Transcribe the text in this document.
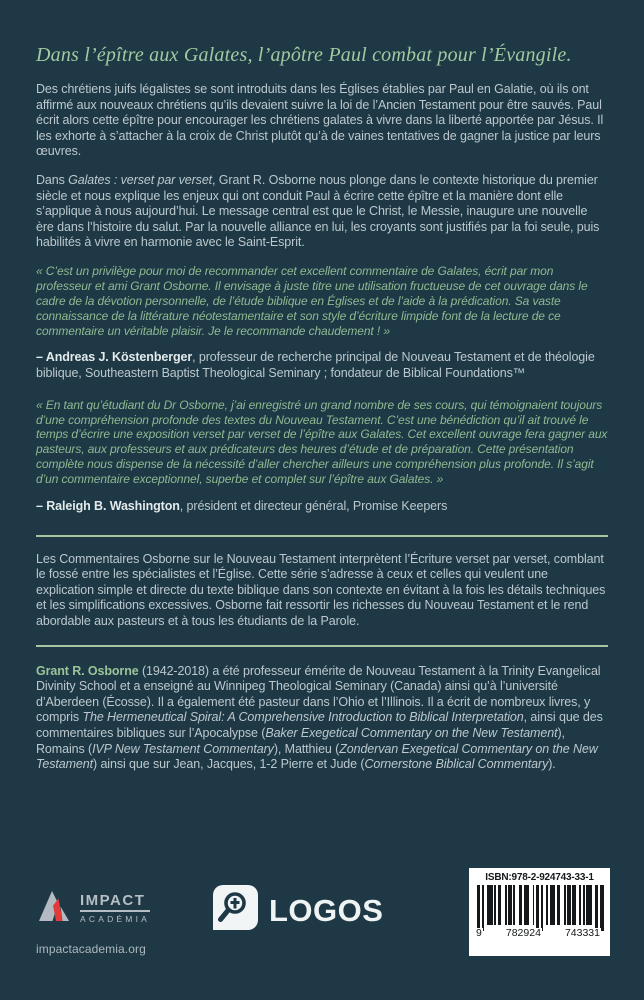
Dans l’épître aux Galates, l’apôtre Paul combat pour l’Évangile.

Des chrétiens juifs légalistes se sont introduits dans les Églises établies par Paul en Galatie, où ils ont affirmé aux nouveaux chrétiens qu’ils devaient suivre la loi de l’Ancien Testament pour être sauvés. Paul écrit alors cette épître pour encourager les chrétiens galates à vivre dans la liberté apportée par Jésus. Il les exhorte à s’attacher à la croix de Christ plutôt qu’à de vaines tentatives de gagner la justice par leurs œuvres.

Dans Galates : verset par verset, Grant R. Osborne nous plonge dans le contexte historique du premier siècle et nous explique les enjeux qui ont conduit Paul à écrire cette épître et la manière dont elle s’applique à nous aujourd’hui. Le message central est que le Christ, le Messie, inaugure une nouvelle ère dans l’histoire du salut. Par la nouvelle alliance en lui, les croyants sont justifiés par la foi seule, puis habilités à vivre en harmonie avec le Saint-Esprit.

« C’est un privilège pour moi de recommander cet excellent commentaire de Galates, écrit par mon professeur et ami Grant Osborne. Il envisage à juste titre une utilisation fructueuse de cet ouvrage dans le cadre de la dévotion personnelle, de l’étude biblique en Églises et de l’aide à la prédication. Sa vaste connaissance de la littérature néotestamentaire et son style d’écriture limpide font de la lecture de ce commentaire un véritable plaisir. Je le recommande chaudement ! »

– Andreas J. Köstenberger, professeur de recherche principal de Nouveau Testament et de théologie biblique, Southeastern Baptist Theological Seminary ; fondateur de Biblical Foundations™

« En tant qu’étudiant du Dr Osborne, j’ai enregistré un grand nombre de ses cours, qui témoignaient toujours d’une compréhension profonde des textes du Nouveau Testament. C’est une bénédiction qu’il ait trouvé le temps d’écrire une exposition verset par verset de l’épître aux Galates. Cet excellent ouvrage fera gagner aux pasteurs, aux professeurs et aux prédicateurs des heures d’étude et de préparation. Cette présentation complète nous dispense de la nécessité d’aller chercher ailleurs une compréhension plus profonde. Il s’agit d’un commentaire exceptionnel, superbe et complet sur l’épître aux Galates. »

– Raleigh B. Washington, président et directeur général, Promise Keepers

Les Commentaires Osborne sur le Nouveau Testament interprètent l’Écriture verset par verset, comblant le fossé entre les spécialistes et l’Église. Cette série s’adresse à ceux et celles qui veulent une explication simple et directe du texte biblique dans son contexte en évitant à la fois les détails techniques et les simplifications excessives. Osborne fait ressortir les richesses du Nouveau Testament et le rend abordable aux pasteurs et à tous les étudiants de la Parole.

Grant R. Osborne (1942-2018) a été professeur émérite de Nouveau Testament à la Trinity Evangelical Divinity School et a enseigné au Winnipeg Theological Seminary (Canada) ainsi qu’à l’université d’Aberdeen (Écosse). Il a également été pasteur dans l’Ohio et l’Illinois. Il a écrit de nombreux livres, y compris The Hermeneutical Spiral: A Comprehensive Introduction to Biblical Interpretation, ainsi que des commentaires bibliques sur l’Apocalypse (Baker Exegetical Commentary on the New Testament), Romains (IVP New Testament Commentary), Matthieu (Zondervan Exegetical Commentary on the New Testament) ainsi que sur Jean, Jacques, 1-2 Pierre et Jude (Cornerstone Biblical Commentary).

IMPACT
ACADÉMIA
impactacademia.org
LOGOS
ISBN:978-2-924743-33-1
9 782924 743331
